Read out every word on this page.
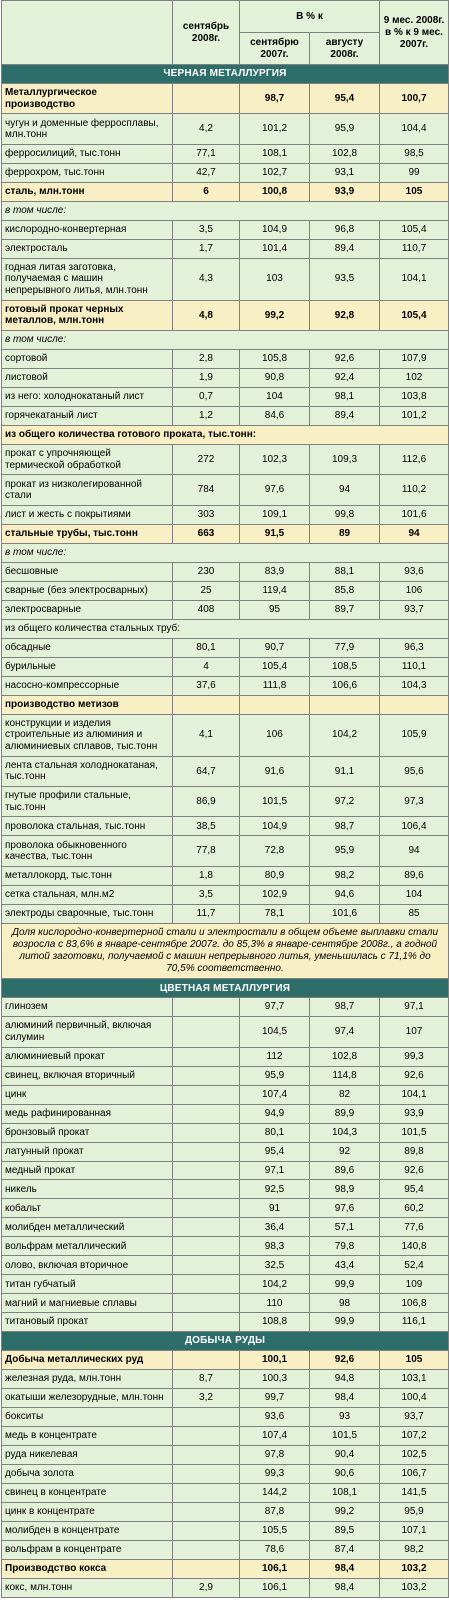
	сентябрь 2008г.	В % к		9 мес. 2008г. в % к 9 мес. 2007г.
		сентябрю 2007г.	августу 2008г.	
ЧЕРНАЯ МЕТАЛЛУРГИЯ				
Металлургическое производство		98,7	95,4	100,7
чугун и доменные ферросплавы, млн.тонн	4,2	101,2	95,9	104,4
ферросилиций, тыс.тонн	77,1	108,1	102,8	98,5
феррохром, тыс.тонн	42,7	102,7	93,1	99
сталь, млн.тонн	6	100,8	93,9	105
в том числе:				
кислородно-конвертерная	3,5	104,9	96,8	105,4
электросталь	1,7	101,4	89,4	110,7
годная литая заготовка, получаемая с машин непрерывного литья, млн.тонн	4,3	103	93,5	104,1
готовый прокат черных металлов, млн.тонн	4,8	99,2	92,8	105,4
в том числе:				
сортовой	2,8	105,8	92,6	107,9
листовой	1,9	90,8	92,4	102
из него: холоднокатаный лист	0,7	104	98,1	103,8
горячекатаный лист	1,2	84,6	89,4	101,2
из общего количества готового проката, тыс.тонн:				
прокат с упрочняющей термической обработкой	272	102,3	109,3	112,6
прокат из низколегированной стали	784	97,6	94	110,2
лист и жесть с покрытиями	303	109,1	99,8	101,6
стальные трубы, тыс.тонн	663	91,5	89	94
в том числе:				
бесшовные	230	83,9	88,1	93,6
сварные (без электросварных)	25	119,4	85,8	106
электросварные	408	95	89,7	93,7
из общего количества стальных труб:				
обсадные	80,1	90,7	77,9	96,3
бурильные	4	105,4	108,5	110,1
насосно-компрессорные	37,6	111,8	106,6	104,3
производство метизов				
конструкции и изделия строительные из алюминия и алюминиевых сплавов, тыс.тонн	4,1	106	104,2	105,9
лента стальная холоднокатаная, тыс.тонн	64,7	91,6	91,1	95,6
гнутые профили стальные, тыс.тонн	86,9	101,5	97,2	97,3
проволока стальная, тыс.тонн	38,5	104,9	98,7	106,4
проволока обыкновенного качества, тыс.тонн	77,8	72,8	95,9	94
металлокорд, тыс.тонн	1,8	80,9	98,2	89,6
сетка стальная, млн.м2	3,5	102,9	94,6	104
электроды сварочные, тыс.тонн	11,7	78,1	101,6	85
Доля кислородно-конвертерной стали и электростали в общем объеме выплавки стали возросла с 83,6% в январе-сентябре 2007г. до 85,3% в январе-сентябре 2008г., а годной литой заготовки, получаемой с машин непрерывного литья, уменьшилась с 71,1% до 70,5% соответственно.				
ЦВЕТНАЯ МЕТАЛЛУРГИЯ				
глинозем		97,7	98,7	97,1
алюминий первичный, включая силумин		104,5	97,4	107
алюминиевый прокат		112	102,8	99,3
свинец, включая вторичный		95,9	114,8	92,6
цинк		107,4	82	104,1
медь рафинированная		94,9	89,9	93,9
бронзовый прокат		80,1	104,3	101,5
латунный прокат		95,4	92	89,8
медный прокат		97,1	89,6	92,6
никель		92,5	98,9	95,4
кобальт		91	97,6	60,2
молибден металлический		36,4	57,1	77,6
вольфрам металлический		98,3	79,8	140,8
олово, включая вторичное		32,5	43,4	52,4
титан губчатый		104,2	99,9	109
магний и магниевые сплавы		110	98	106,8
титановый прокат		108,8	99,9	116,1
ДОБЫЧА РУДЫ				
Добыча металлических руд		100,1	92,6	105
железная руда, млн.тонн	8,7	100,3	94,8	103,1
окатыши железорудные, млн.тонн	3,2	99,7	98,4	100,4
бокситы		93,6	93	93,7
медь в концентрате		107,4	101,5	107,2
руда никелевая		97,8	90,4	102,5
добыча золота		99,3	90,6	106,7
свинец в концентрате		144,2	108,1	141,5
цинк в концентрате		87,8	99,2	95,9
молибден в концентрате		105,5	89,5	107,1
вольфрам в концентрате		78,6	87,4	98,2
Производство кокса		106,1	98,4	103,2
кокс, млн.тонн	2,9	106,1	98,4	103,2
